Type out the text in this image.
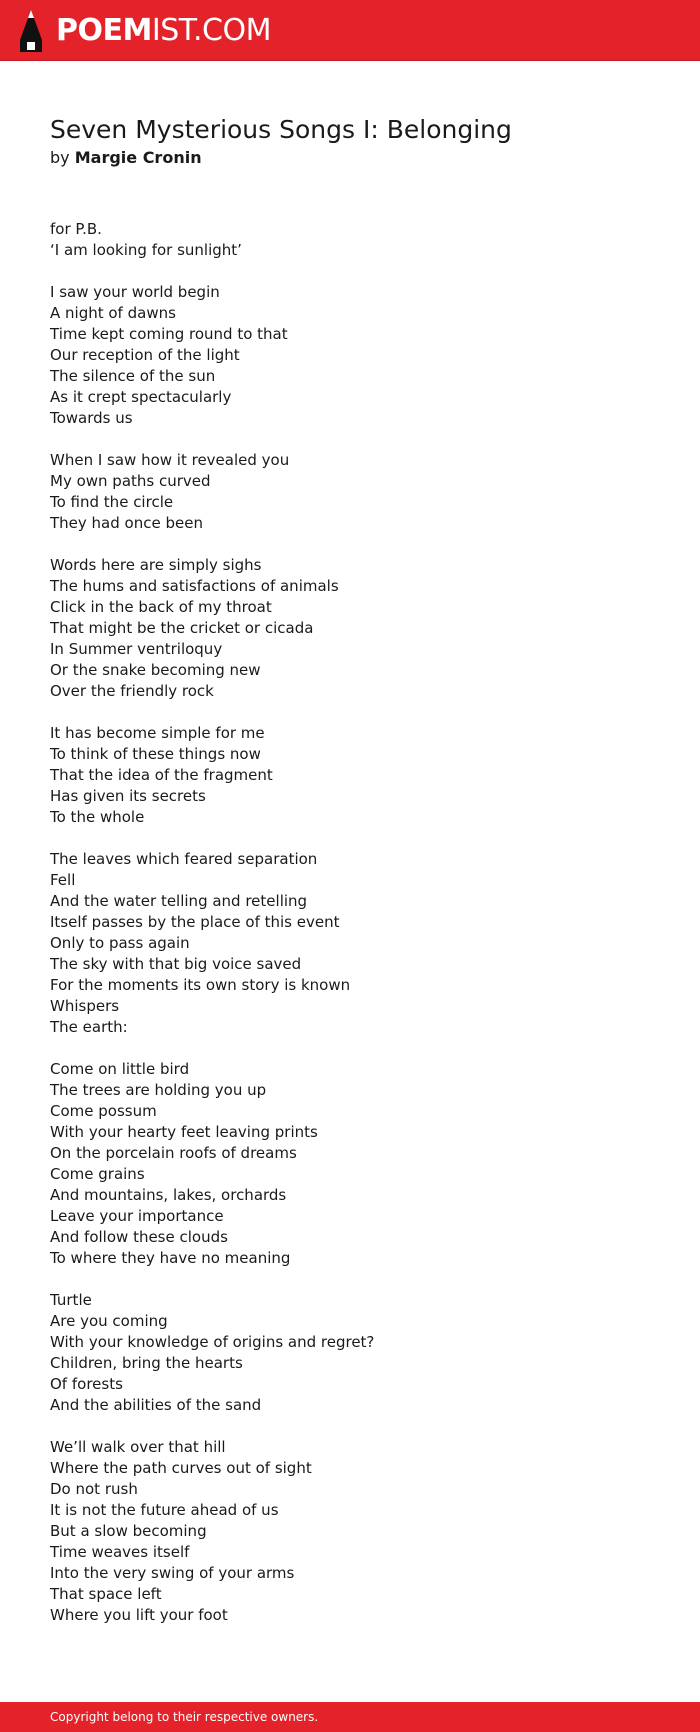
POEMIST.COM
Seven Mysterious Songs I: Belonging
by Margie Cronin
for P.B.
‘I am looking for sunlight’
I saw your world begin
A night of dawns
Time kept coming round to that
Our reception of the light
The silence of the sun
As it crept spectacularly
Towards us
When I saw how it revealed you
My own paths curved
To find the circle
They had once been
Words here are simply sighs
The hums and satisfactions of animals
Click in the back of my throat
That might be the cricket or cicada
In Summer ventriloquy
Or the snake becoming new
Over the friendly rock
It has become simple for me
To think of these things now
That the idea of the fragment
Has given its secrets
To the whole
The leaves which feared separation
Fell
And the water telling and retelling
Itself passes by the place of this event
Only to pass again
The sky with that big voice saved
For the moments its own story is known
Whispers
The earth:
Come on little bird
The trees are holding you up
Come possum
With your hearty feet leaving prints
On the porcelain roofs of dreams
Come grains
And mountains, lakes, orchards
Leave your importance
And follow these clouds
To where they have no meaning
Turtle
Are you coming
With your knowledge of origins and regret?
Children, bring the hearts
Of forests
And the abilities of the sand
We’ll walk over that hill
Where the path curves out of sight
Do not rush
It is not the future ahead of us
But a slow becoming
Time weaves itself
Into the very swing of your arms
That space left
Where you lift your foot
Copyright belong to their respective owners.
